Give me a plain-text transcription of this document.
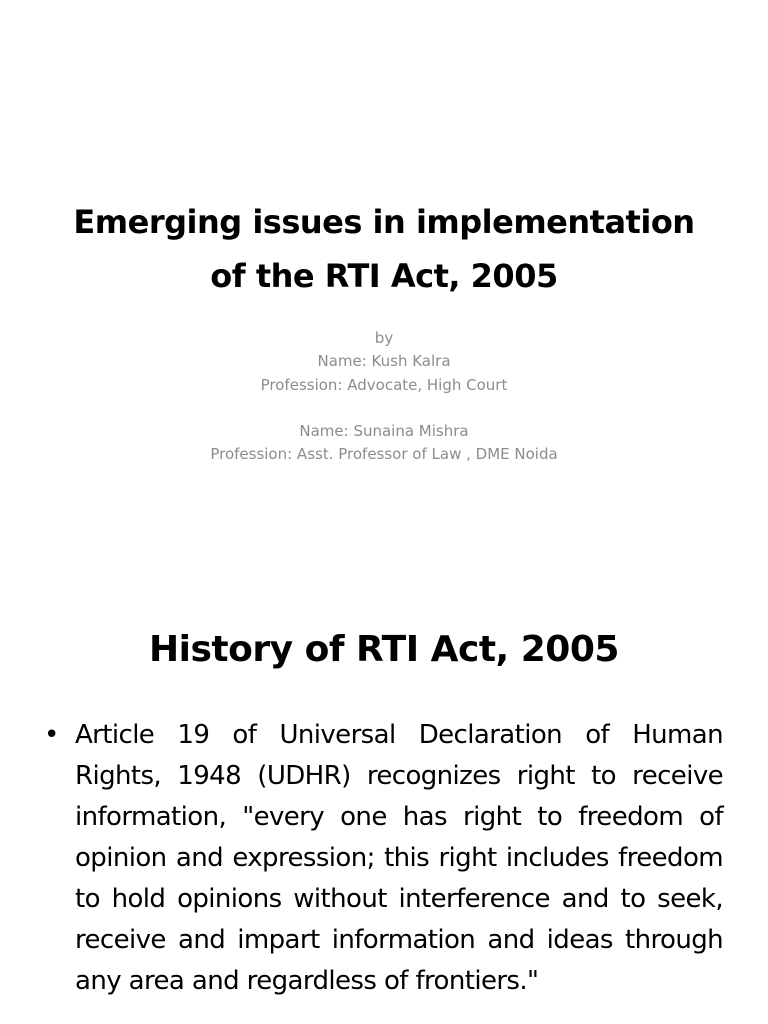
Emerging issues in implementation
of the RTI Act, 2005
by
Name: Kush Kalra
Profession: Advocate, High Court
Name: Sunaina Mishra
Profession: Asst. Professor of Law , DME Noida
History of RTI Act, 2005
• Article 19 of Universal Declaration of Human Rights, 1948 (UDHR) recognizes right to receive information, "every one has right to freedom of opinion and expression; this right includes freedom to hold opinions without interference and to seek, receive and impart information and ideas through any area and regardless of frontiers."
